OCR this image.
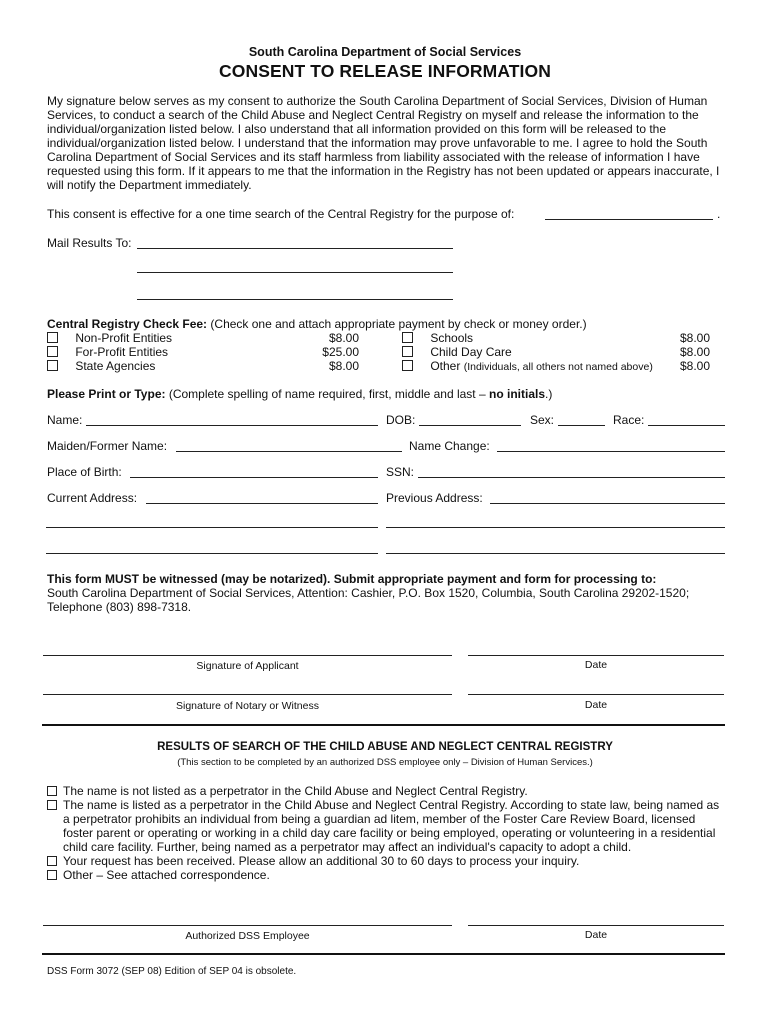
South Carolina Department of Social Services
CONSENT TO RELEASE INFORMATION
My signature below serves as my consent to authorize the South Carolina Department of Social Services, Division of Human Services, to conduct a search of the Child Abuse and Neglect Central Registry on myself and release the information to the individual/organization listed below. I also understand that all information provided on this form will be released to the individual/organization listed below. I understand that the information may prove unfavorable to me. I agree to hold the South Carolina Department of Social Services and its staff harmless from liability associated with the release of information I have requested using this form. If it appears to me that the information in the Registry has not been updated or appears inaccurate, I will notify the Department immediately.
This consent is effective for a one time search of the Central Registry for the purpose of:	.
Mail Results To:
Central Registry Check Fee: (Check one and attach appropriate payment by check or money order.)
Non-Profit Entities	$8.00
For-Profit Entities	$25.00
State Agencies	$8.00
Schools	$8.00
Child Day Care	$8.00
Other (Individuals, all others not named above) $8.00
Please Print or Type: (Complete spelling of name required, first, middle and last – no initials.)
Name:	DOB:	Sex:	Race:
Maiden/Former Name:	Name Change:
Place of Birth:	SSN:
Current Address:	Previous Address:
This form MUST be witnessed (may be notarized). Submit appropriate payment and form for processing to:
South Carolina Department of Social Services, Attention: Cashier, P.O. Box 1520, Columbia, South Carolina 29202-1520;
Telephone (803) 898-7318.
Signature of Applicant	Date
Signature of Notary or Witness	Date
RESULTS OF SEARCH OF THE CHILD ABUSE AND NEGLECT CENTRAL REGISTRY
(This section to be completed by an authorized DSS employee only – Division of Human Services.)
The name is not listed as a perpetrator in the Child Abuse and Neglect Central Registry.
The name is listed as a perpetrator in the Child Abuse and Neglect Central Registry. According to state law, being named as a perpetrator prohibits an individual from being a guardian ad litem, member of the Foster Care Review Board, licensed foster parent or operating or working in a child day care facility or being employed, operating or volunteering in a residential child care facility. Further, being named as a perpetrator may affect an individual's capacity to adopt a child.
Your request has been received. Please allow an additional 30 to 60 days to process your inquiry.
Other – See attached correspondence.
Authorized DSS Employee	Date
DSS Form 3072 (SEP 08) Edition of SEP 04 is obsolete.
